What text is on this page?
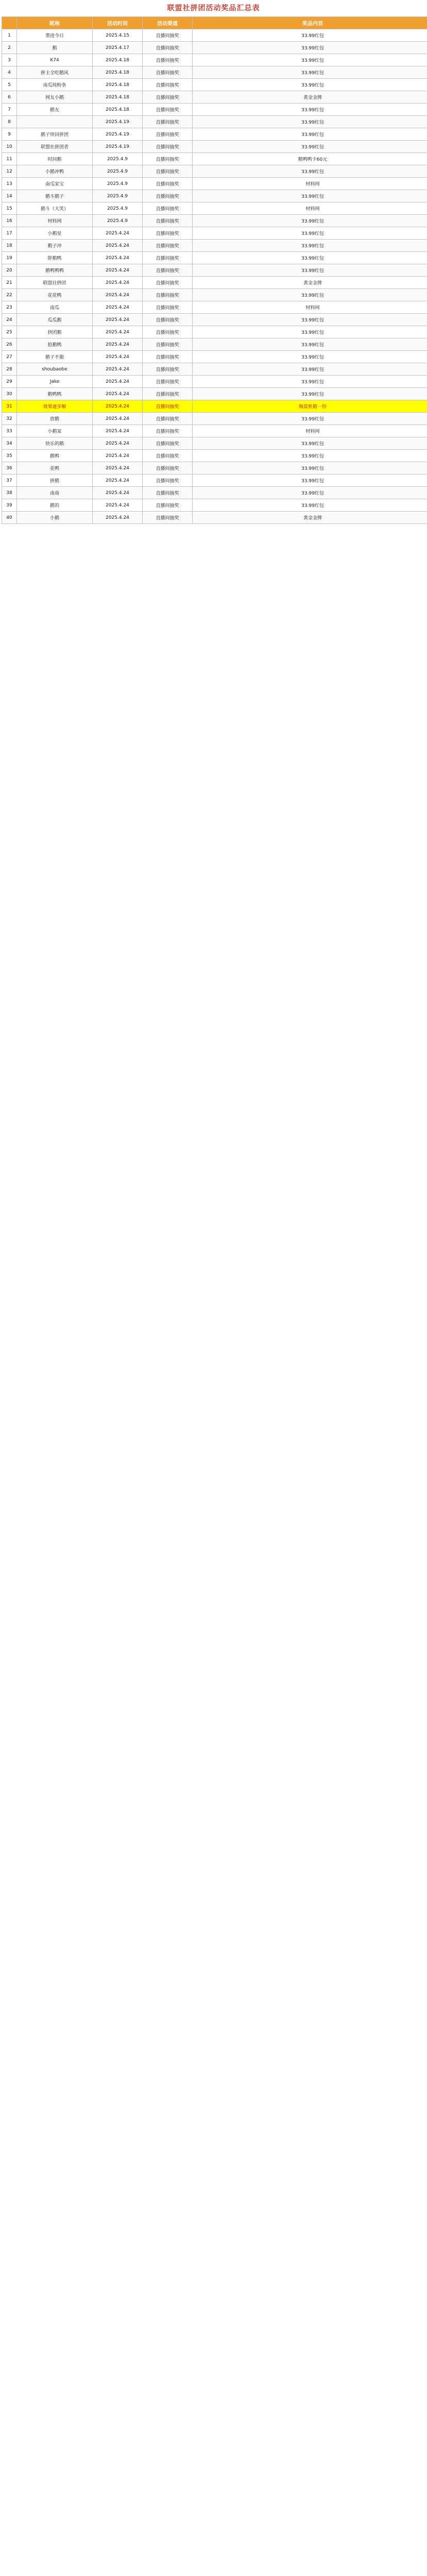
联盟社拼团活动奖品汇总表
	昵称	活动时间	活动渠道	奖品内容
1	墨迹今日	2025.4.15	直播间抽奖	33.99红包
2	鹅	2025.4.17	直播间抽奖	33.99红包
3	K74	2025.4.18	直播间抽奖	33.99红包
4	拼主全吃鹅风	2025.4.18	直播间抽奖	33.99红包
5	南瓜炖粉条	2025.4.18	直播间抽奖	33.99红包
6	网友小鹅	2025.4.18	直播间抽奖	黄金金牌
7	鹅友	2025.4.18	直播间抽奖	33.99红包
8		2025.4.19	直播间抽奖	33.99红包
9	鹅子快回拼团	2025.4.19	直播间抽奖	33.99红包
10	联盟社拼团者	2025.4.19	直播间抽奖	33.99红包
11	时间鹅	2025.4.9	直播间抽奖	鹅鸭鸭卡60元
12	小鹅冲鸭	2025.4.9	直播间抽奖	33.99红包
13	南瓜家宝	2025.4.9	直播间抽奖	材料网
14	鹅斗鹅子	2025.4.9	直播间抽奖	33.99红包
15	鹅斗（大笑）	2025.4.9	直播间抽奖	材料网
16	材料网	2025.4.9	直播间抽奖	33.99红包
17	小鹅星	2025.4.24	直播间抽奖	33.99红包
18	鹅子冲	2025.4.24	直播间抽奖	33.99红包
19	胖鹅鸭	2025.4.24	直播间抽奖	33.99红包
20	鹅鸭鸭鸭	2025.4.24	直播间抽奖	33.99红包
21	联盟社拼团	2025.4.24	直播间抽奖	黄金金牌
22	花花鸭	2025.4.24	直播间抽奖	33.99红包
23	南瓜	2025.4.24	直播间抽奖	材料网
24	瓜瓜鹅	2025.4.24	直播间抽奖	33.99红包
25	拼团鹅	2025.4.24	直播间抽奖	33.99红包
26	抢鹅鸭	2025.4.24	直播间抽奖	33.99红包
27	鹅子不服	2025.4.24	直播间抽奖	33.99红包
28	shoubaobe	2025.4.24	直播间抽奖	33.99红包
29	Jake	2025.4.24	直播间抽奖	33.99红包
30	鹅鸭鸭	2025.4.24	直播间抽奖	33.99红包
31	效果逐步解	2025.4.24	直播间抽奖	瓶装机箱一份
32	放鹅	2025.4.24	直播间抽奖	33.99红包
33	小鹅家	2025.4.24	直播间抽奖	材料网
34	快乐的鹅	2025.4.24	直播间抽奖	33.99红包
35	鹅鸭	2025.4.24	直播间抽奖	33.99红包
36	花鸭	2025.4.24	直播间抽奖	33.99红包
37	拼鹅	2025.4.24	直播间抽奖	33.99红包
38	南南	2025.4.24	直播间抽奖	33.99红包
39	鹅的	2025.4.24	直播间抽奖	33.99红包
40	小鹅	2025.4.24	直播间抽奖	黄金金牌
